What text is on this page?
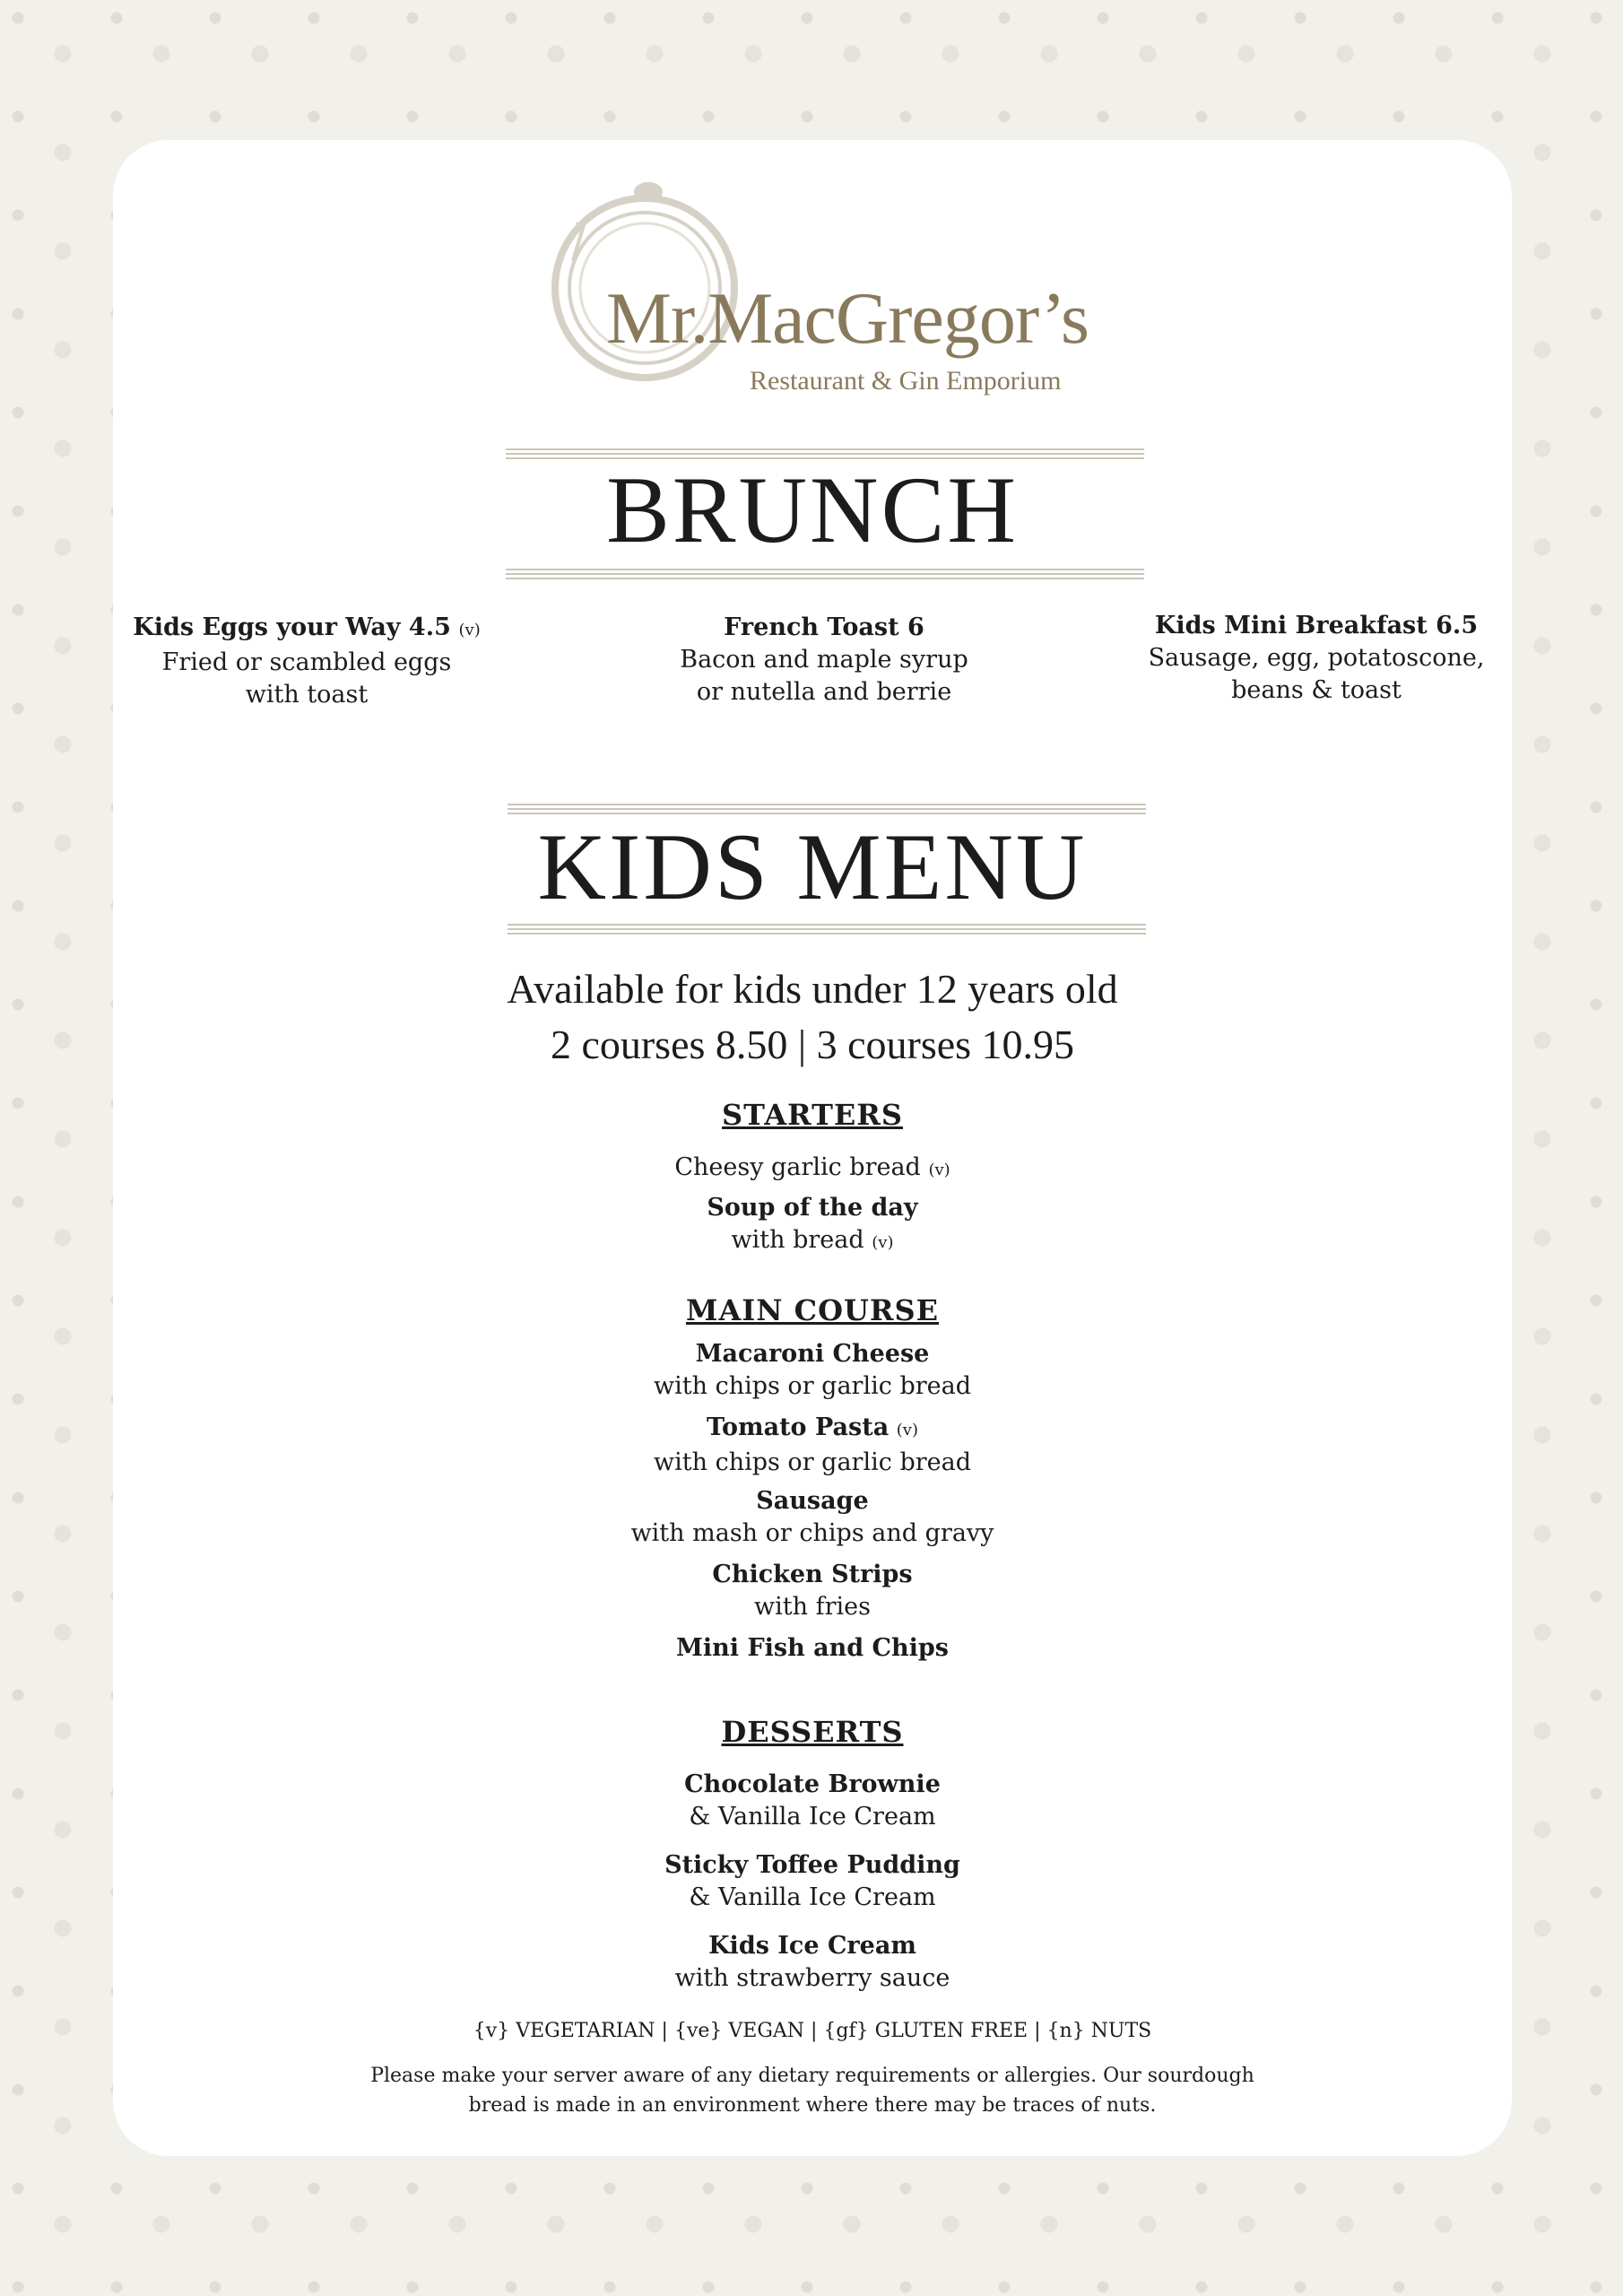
Mr.MacGregor’s
Restaurant & Gin Emporium
BRUNCH
Kids Eggs your Way 4.5 (v)
Fried or scambled eggs
with toast
French Toast 6
Bacon and maple syrup
or nutella and berrie
Kids Mini Breakfast 6.5
Sausage, egg, potatoscone,
beans & toast
KIDS MENU
Available for kids under 12 years old
2 courses 8.50 | 3 courses 10.95
STARTERS
Cheesy garlic bread (v)
Soup of the day
with bread (v)
MAIN COURSE
Macaroni Cheese
with chips or garlic bread
Tomato Pasta (v)
with chips or garlic bread
Sausage
with mash or chips and gravy
Chicken Strips
with fries
Mini Fish and Chips
DESSERTS
Chocolate Brownie
& Vanilla Ice Cream
Sticky Toffee Pudding
& Vanilla Ice Cream
Kids Ice Cream
with strawberry sauce
{v} VEGETARIAN | {ve} VEGAN | {gf} GLUTEN FREE | {n} NUTS
Please make your server aware of any dietary requirements or allergies. Our sourdough
bread is made in an environment where there may be traces of nuts.
